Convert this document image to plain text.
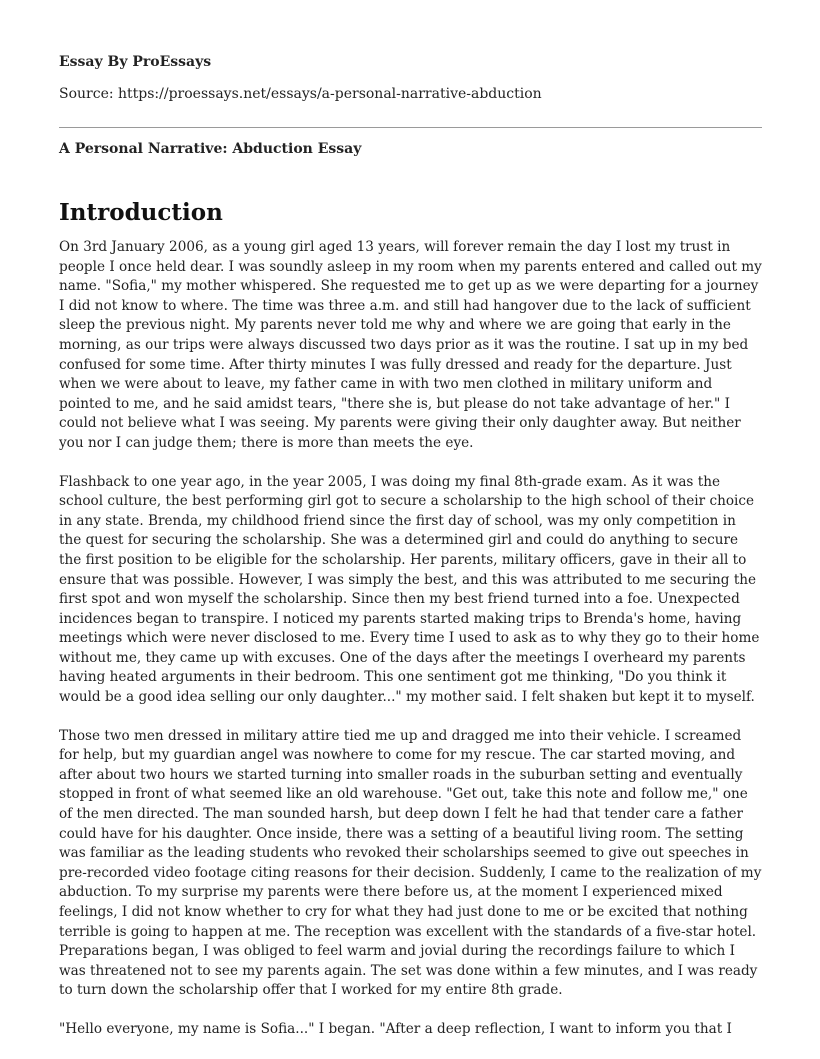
Essay By ProEssays
Source: https://proessays.net/essays/a-personal-narrative-abduction
A Personal Narrative: Abduction Essay
Introduction

On 3rd January 2006, as a young girl aged 13 years, will forever remain the day I lost my trust in people I once held dear. I was soundly asleep in my room when my parents entered and called out my name. "Sofia," my mother whispered. She requested me to get up as we were departing for a journey I did not know to where. The time was three a.m. and still had hangover due to the lack of sufficient sleep the previous night. My parents never told me why and where we are going that early in the morning, as our trips were always discussed two days prior as it was the routine. I sat up in my bed confused for some time. After thirty minutes I was fully dressed and ready for the departure. Just when we were about to leave, my father came in with two men clothed in military uniform and pointed to me, and he said amidst tears, "there she is, but please do not take advantage of her." I could not believe what I was seeing. My parents were giving their only daughter away. But neither you nor I can judge them; there is more than meets the eye.

Flashback to one year ago, in the year 2005, I was doing my final 8th-grade exam. As it was the school culture, the best performing girl got to secure a scholarship to the high school of their choice in any state. Brenda, my childhood friend since the first day of school, was my only competition in the quest for securing the scholarship. She was a determined girl and could do anything to secure the first position to be eligible for the scholarship. Her parents, military officers, gave in their all to ensure that was possible. However, I was simply the best, and this was attributed to me securing the first spot and won myself the scholarship. Since then my best friend turned into a foe. Unexpected incidences began to transpire. I noticed my parents started making trips to Brenda's home, having meetings which were never disclosed to me. Every time I used to ask as to why they go to their home without me, they came up with excuses. One of the days after the meetings I overheard my parents having heated arguments in their bedroom. This one sentiment got me thinking, "Do you think it would be a good idea selling our only daughter..." my mother said. I felt shaken but kept it to myself.

Those two men dressed in military attire tied me up and dragged me into their vehicle. I screamed for help, but my guardian angel was nowhere to come for my rescue. The car started moving, and after about two hours we started turning into smaller roads in the suburban setting and eventually stopped in front of what seemed like an old warehouse. "Get out, take this note and follow me," one of the men directed. The man sounded harsh, but deep down I felt he had that tender care a father could have for his daughter. Once inside, there was a setting of a beautiful living room. The setting was familiar as the leading students who revoked their scholarships seemed to give out speeches in pre-recorded video footage citing reasons for their decision. Suddenly, I came to the realization of my abduction. To my surprise my parents were there before us, at the moment I experienced mixed feelings, I did not know whether to cry for what they had just done to me or be excited that nothing terrible is going to happen at me. The reception was excellent with the standards of a five-star hotel. Preparations began, I was obliged to feel warm and jovial during the recordings failure to which I was threatened not to see my parents again. The set was done within a few minutes, and I was ready to turn down the scholarship offer that I worked for my entire 8th grade.

"Hello everyone, my name is Sofia..." I began. "After a deep reflection, I want to inform you that I
